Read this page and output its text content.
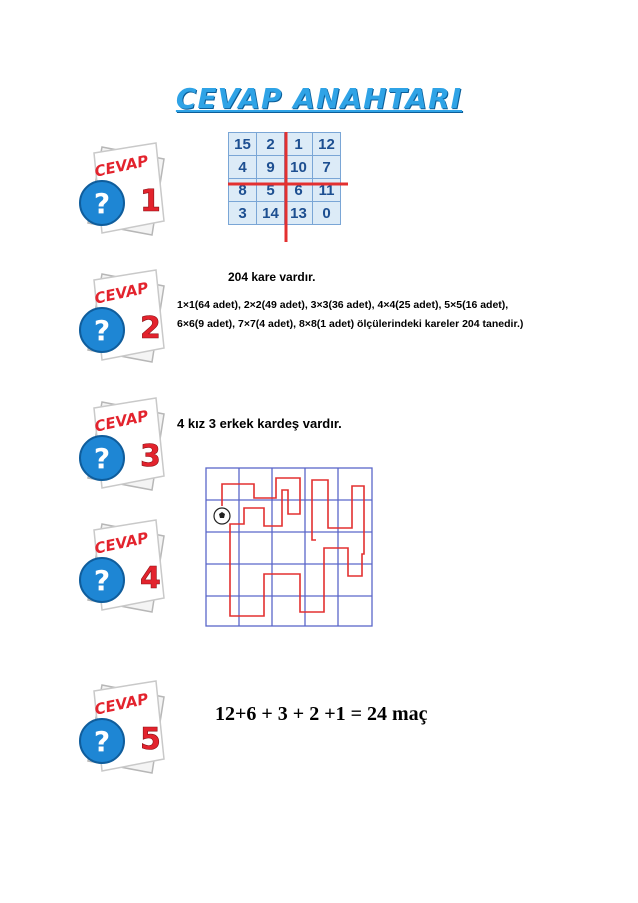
CEVAP ANAHTARI
CEVAP
? 1
CEVAP
? 2
CEVAP
? 3
CEVAP
? 4
CEVAP
? 5
15	2	1	12
4	9	10	7
8	5	6	11
3	14	13	0
204 kare vardır.
1×1(64 adet), 2×2(49 adet), 3×3(36 adet), 4×4(25 adet), 5×5(16 adet),
6×6(9 adet), 7×7(4 adet), 8×8(1 adet) ölçülerindeki kareler 204 tanedir.)
4 kız 3 erkek kardeş vardır.
12+6 + 3 + 2 +1 = 24 maç
